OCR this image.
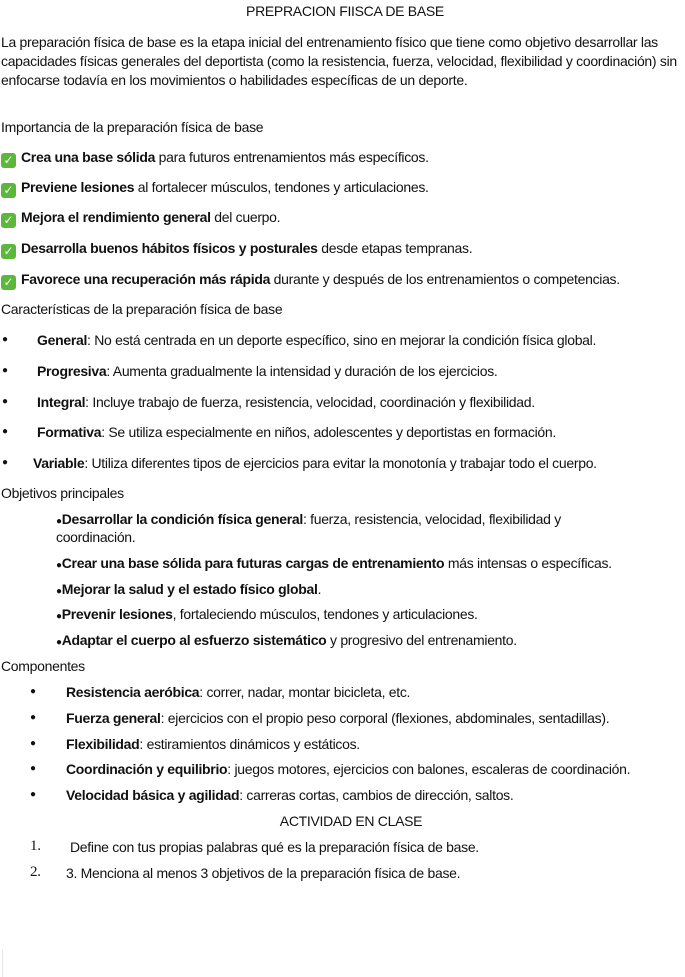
PREPRACION FIISCA DE BASE
La preparación física de base es la etapa inicial del entrenamiento físico que tiene como objetivo desarrollar las capacidades físicas generales del deportista (como la resistencia, fuerza, velocidad, flexibilidad y coordinación) sin enfocarse todavía en los movimientos o habilidades específicas de un deporte.
Importancia de la preparación física de base
✓ Crea una base sólida para futuros entrenamientos más específicos.
✓ Previene lesiones al fortalecer músculos, tendones y articulaciones.
✓ Mejora el rendimiento general del cuerpo.
✓ Desarrolla buenos hábitos físicos y posturales desde etapas tempranas.
✓ Favorece una recuperación más rápida durante y después de los entrenamientos o competencias.
Características de la preparación física de base
● General: No está centrada en un deporte específico, sino en mejorar la condición física global.
● Progresiva: Aumenta gradualmente la intensidad y duración de los ejercicios.
● Integral: Incluye trabajo de fuerza, resistencia, velocidad, coordinación y flexibilidad.
● Formativa: Se utiliza especialmente en niños, adolescentes y deportistas en formación.
● Variable: Utiliza diferentes tipos de ejercicios para evitar la monotonía y trabajar todo el cuerpo.
Objetivos principales
●Desarrollar la condición física general: fuerza, resistencia, velocidad, flexibilidad y
coordinación.
●Crear una base sólida para futuras cargas de entrenamiento más intensas o específicas.
●Mejorar la salud y el estado físico global.
●Prevenir lesiones, fortaleciendo músculos, tendones y articulaciones.
●Adaptar el cuerpo al esfuerzo sistemático y progresivo del entrenamiento.
Componentes
● Resistencia aeróbica: correr, nadar, montar bicicleta, etc.
● Fuerza general: ejercicios con el propio peso corporal (flexiones, abdominales, sentadillas).
● Flexibilidad: estiramientos dinámicos y estáticos.
● Coordinación y equilibrio: juegos motores, ejercicios con balones, escaleras de coordinación.
● Velocidad básica y agilidad: carreras cortas, cambios de dirección, saltos.
ACTIVIDAD EN CLASE
1. Define con tus propias palabras qué es la preparación física de base.
2. 3. Menciona al menos 3 objetivos de la preparación física de base.
